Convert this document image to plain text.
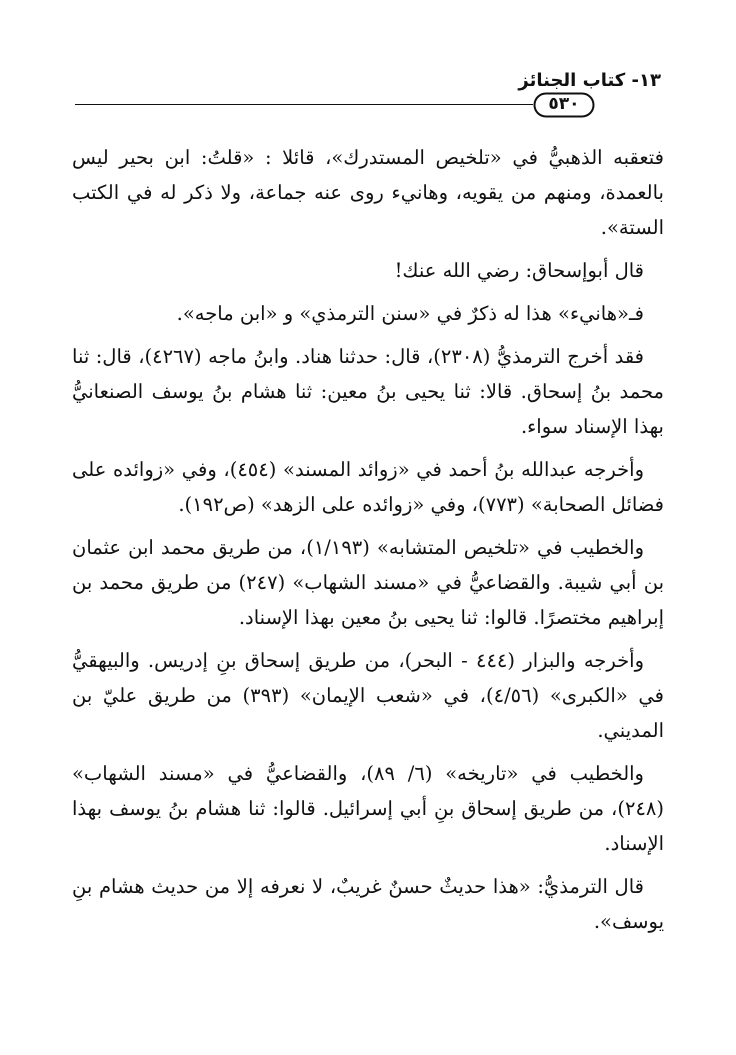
١٣- كتاب الجنائز
٥٣٠

فتعقبه الذهبيُّ في «تلخيص المستدرك»، قائلا : «قلتُ: ابن بحير ليس بالعمدة، ومنهم من يقويه، وهانيء روى عنه جماعة، ولا ذكر له في الكتب الستة».

قال أبوإسحاق: رضي الله عنك!

فـ«هانيء» هذا له ذكرٌ في «سنن الترمذي» و «ابن ماجه».

فقد أخرج الترمذيُّ (٢٣٠٨)، قال: حدثنا هناد. وابنُ ماجه (٤٢٦٧)، قال: ثنا محمد بنُ إسحاق. قالا: ثنا يحيى بنُ معين: ثنا هشام بنُ يوسف الصنعانيُّ بهذا الإسناد سواء.

وأخرجه عبدالله بنُ أحمد في «زوائد المسند» (٤٥٤)، وفي «زوائده على فضائل الصحابة» (٧٧٣)، وفي «زوائده على الزهد» (ص١٩٢).

والخطيب في «تلخيص المتشابه» (١/١٩٣)، من طريق محمد ابن عثمان بن أبي شيبة. والقضاعيُّ في «مسند الشهاب» (٢٤٧) من طريق محمد بن إبراهيم مختصرًا. قالوا: ثنا يحيى بنُ معين بهذا الإسناد.

وأخرجه والبزار (٤٤٤ - البحر)، من طريق إسحاق بنِ إدريس. والبيهقيُّ في «الكبرى» (٤/٥٦)، في «شعب الإيمان» (٣٩٣) من طريق عليّ بن المديني.

والخطيب في «تاريخه» (٦/ ٨٩)، والقضاعيُّ في «مسند الشهاب» (٢٤٨)، من طريق إسحاق بنِ أبي إسرائيل. قالوا: ثنا هشام بنُ يوسف بهذا الإسناد.

قال الترمذيُّ: «هذا حديثٌ حسنٌ غريبٌ، لا نعرفه إلا من حديث هشام بنِ يوسف».
